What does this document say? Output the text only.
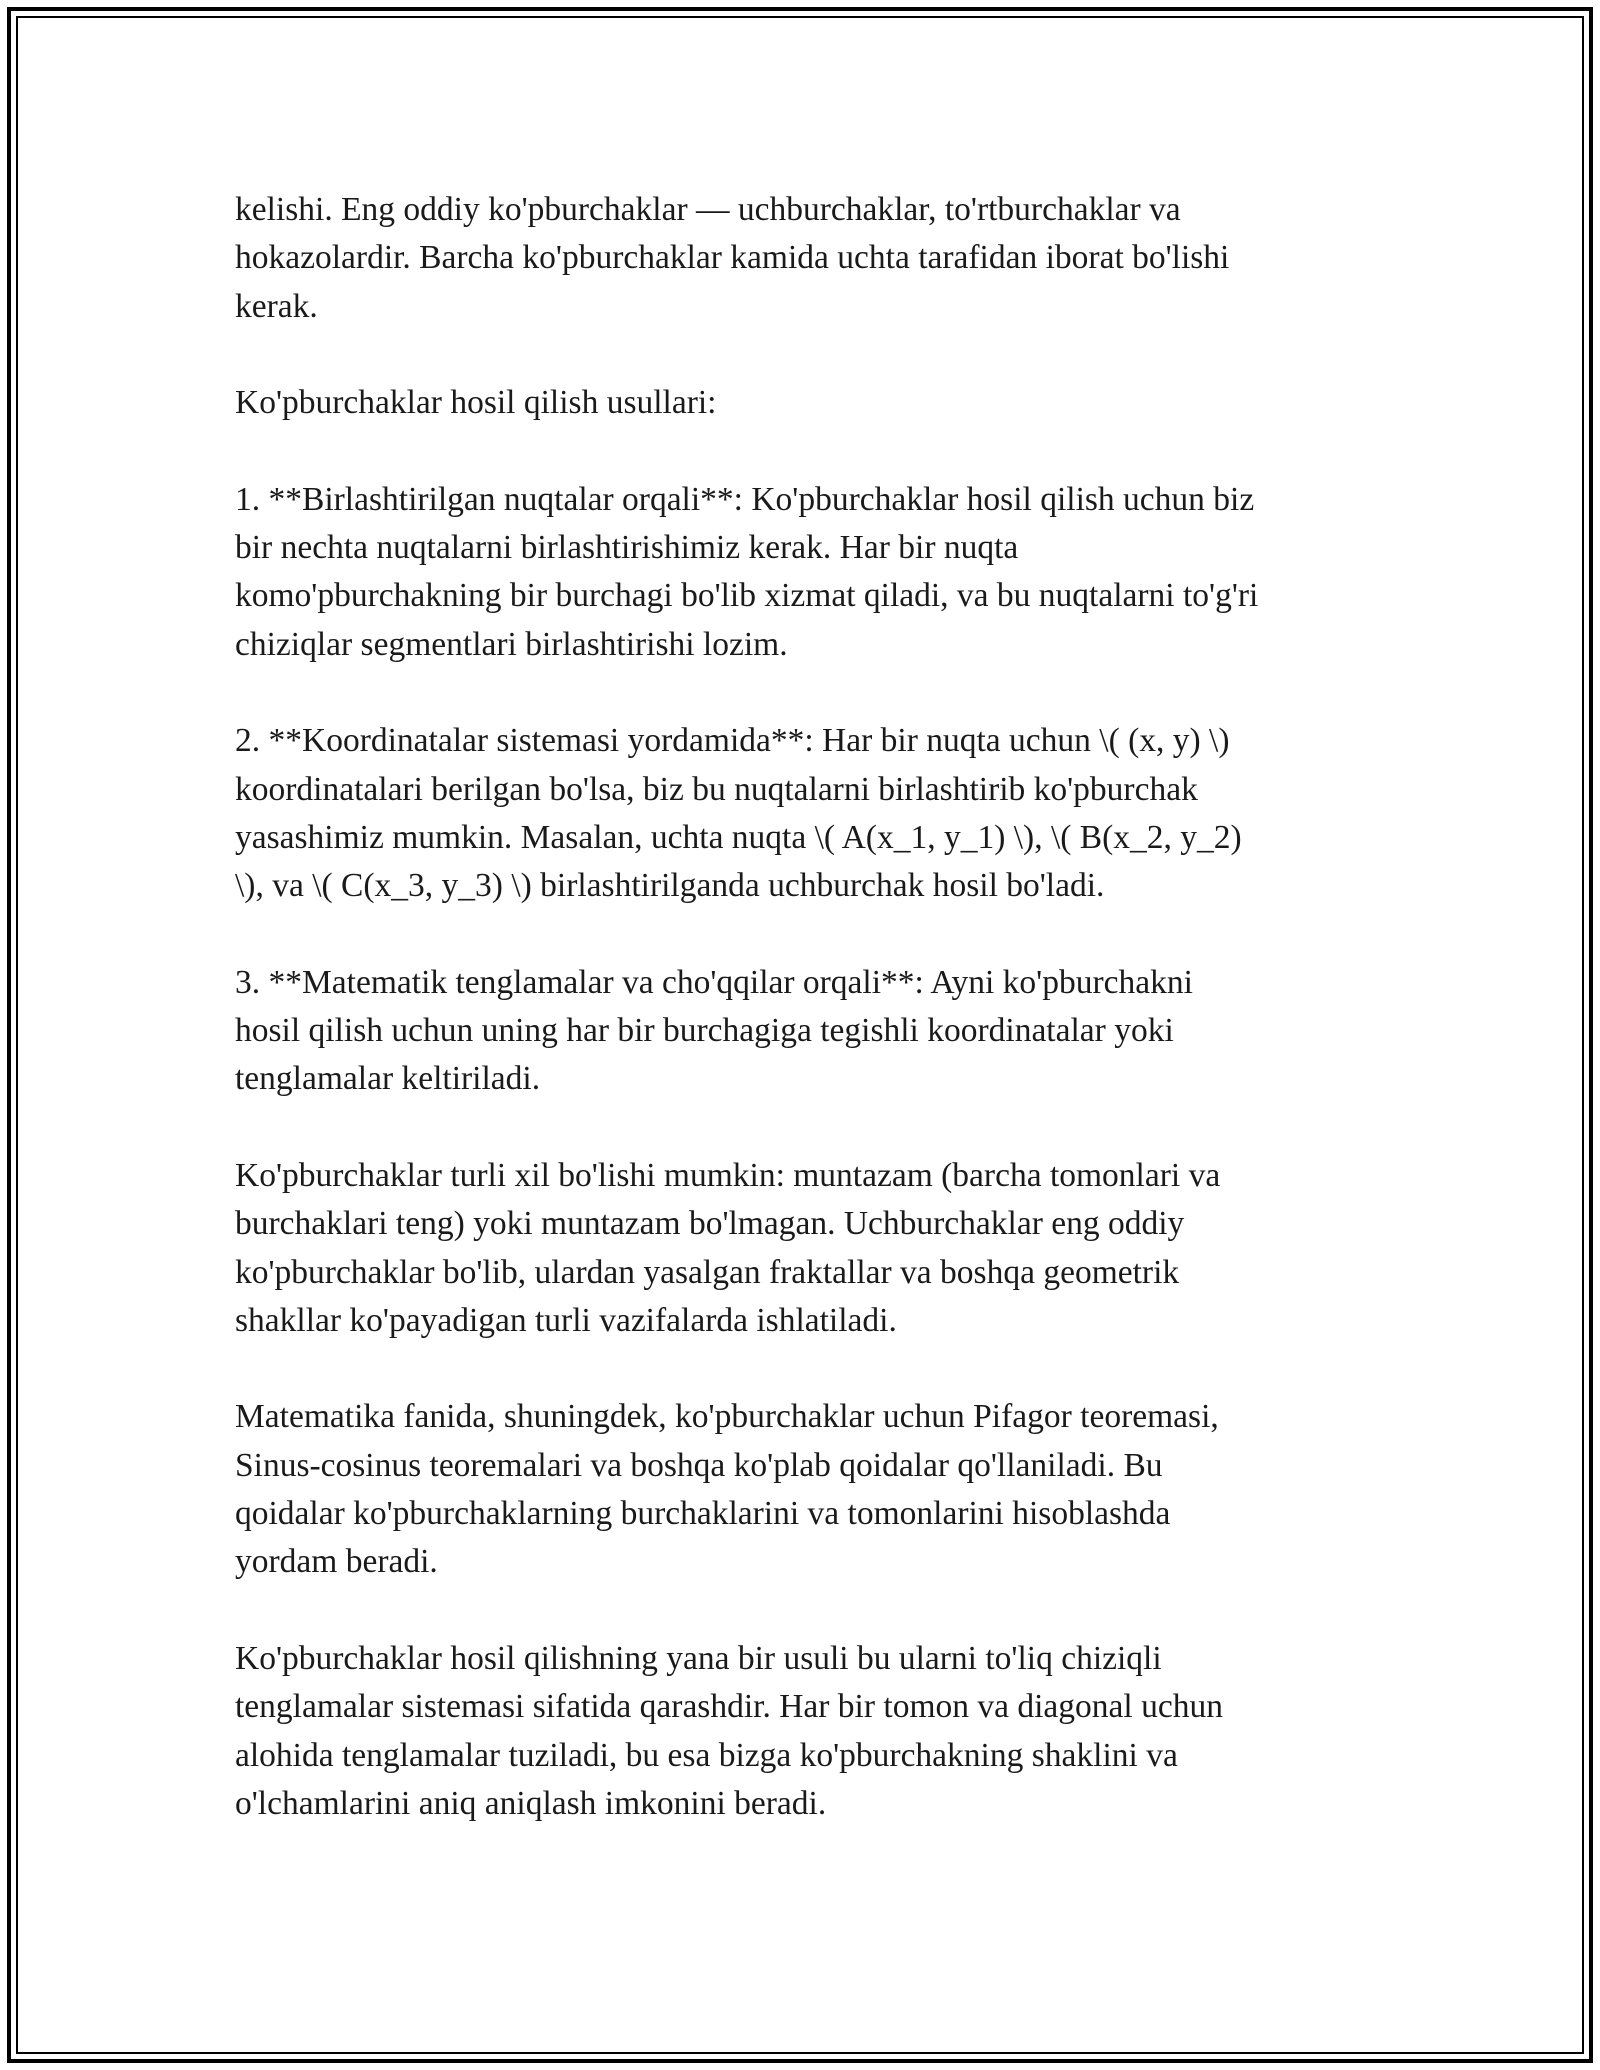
kelishi. Eng oddiy ko'pburchaklar — uchburchaklar, to'rtburchaklar va
hokazolardir. Barcha ko'pburchaklar kamida uchta tarafidan iborat bo'lishi
kerak.

Ko'pburchaklar hosil qilish usullari:

1. **Birlashtirilgan nuqtalar orqali**: Ko'pburchaklar hosil qilish uchun biz
bir nechta nuqtalarni birlashtirishimiz kerak. Har bir nuqta
komo'pburchakning bir burchagi bo'lib xizmat qiladi, va bu nuqtalarni to'g'ri
chiziqlar segmentlari birlashtirishi lozim.

2. **Koordinatalar sistemasi yordamida**: Har bir nuqta uchun \( (x, y) \)
koordinatalari berilgan bo'lsa, biz bu nuqtalarni birlashtirib ko'pburchak
yasashimiz mumkin. Masalan, uchta nuqta \( A(x_1, y_1) \), \( B(x_2, y_2)
\), va \( C(x_3, y_3) \) birlashtirilganda uchburchak hosil bo'ladi.

3. **Matematik tenglamalar va cho'qqilar orqali**: Ayni ko'pburchakni
hosil qilish uchun uning har bir burchagiga tegishli koordinatalar yoki
tenglamalar keltiriladi.

Ko'pburchaklar turli xil bo'lishi mumkin: muntazam (barcha tomonlari va
burchaklari teng) yoki muntazam bo'lmagan. Uchburchaklar eng oddiy
ko'pburchaklar bo'lib, ulardan yasalgan fraktallar va boshqa geometrik
shakllar ko'payadigan turli vazifalarda ishlatiladi.

Matematika fanida, shuningdek, ko'pburchaklar uchun Pifagor teoremasi,
Sinus-cosinus teoremalari va boshqa ko'plab qoidalar qo'llaniladi. Bu
qoidalar ko'pburchaklarning burchaklarini va tomonlarini hisoblashda
yordam beradi.

Ko'pburchaklar hosil qilishning yana bir usuli bu ularni to'liq chiziqli
tenglamalar sistemasi sifatida qarashdir. Har bir tomon va diagonal uchun
alohida tenglamalar tuziladi, bu esa bizga ko'pburchakning shaklini va
o'lchamlarini aniq aniqlash imkonini beradi.
